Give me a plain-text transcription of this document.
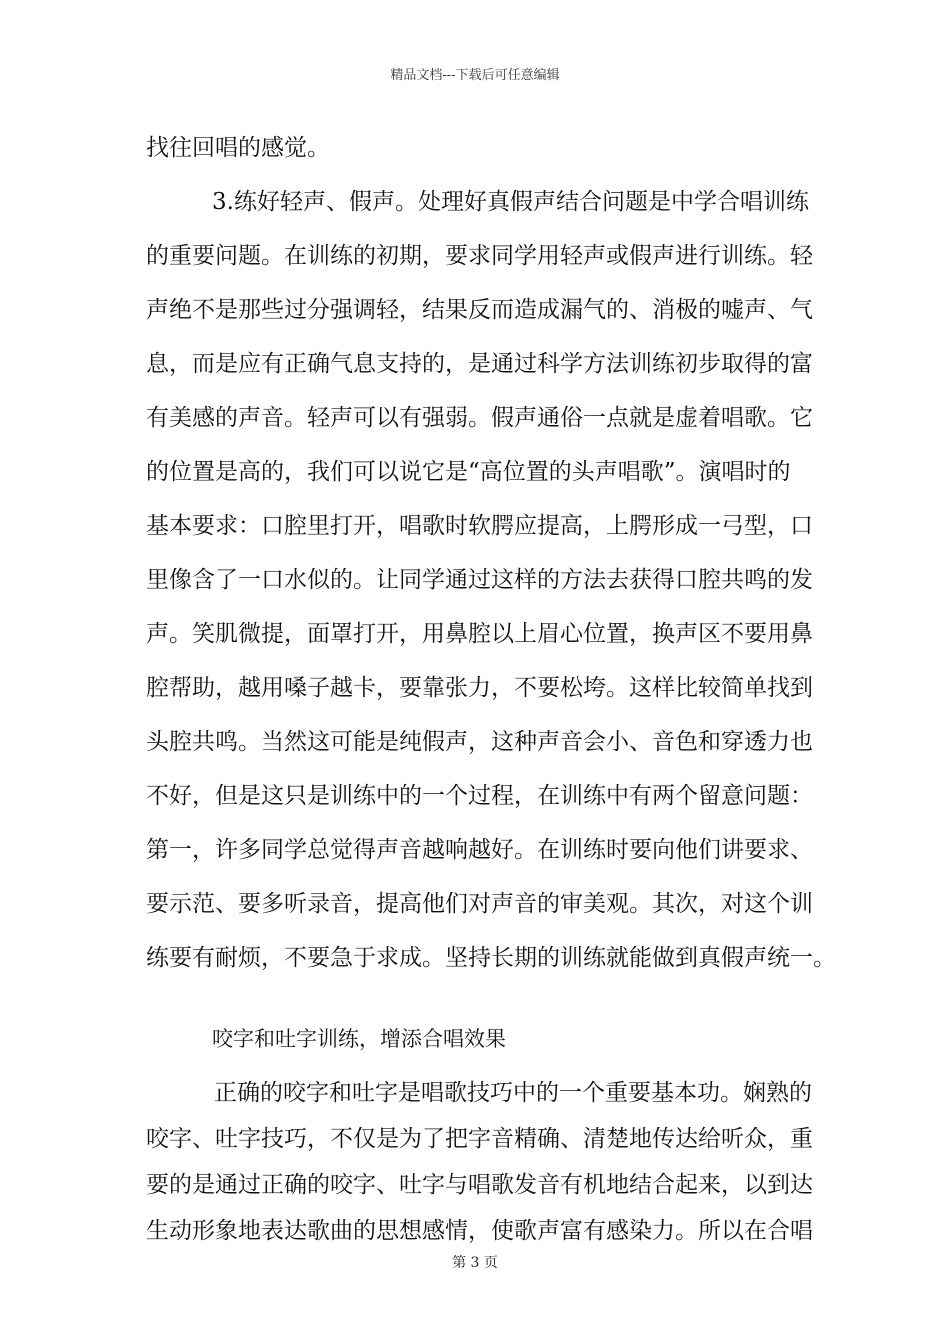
精品文档---下载后可任意编辑
找往回唱的感觉。
3.练好轻声、假声。处理好真假声结合问题是中学合唱训练
的重要问题。在训练的初期，要求同学用轻声或假声进行训练。轻
声绝不是那些过分强调轻，结果反而造成漏气的、消极的嘘声、气
息，而是应有正确气息支持的，是通过科学方法训练初步取得的富
有美感的声音。轻声可以有强弱。假声通俗一点就是虚着唱歌。它
的位置是高的，我们可以说它是“高位置的头声唱歌”。演唱时的
基本要求：口腔里打开，唱歌时软腭应提高，上腭形成一弓型，口
里像含了一口水似的。让同学通过这样的方法去获得口腔共鸣的发
声。笑肌微提，面罩打开，用鼻腔以上眉心位置，换声区不要用鼻
腔帮助，越用嗓子越卡，要靠张力，不要松垮。这样比较简单找到
头腔共鸣。当然这可能是纯假声，这种声音会小、音色和穿透力也
不好，但是这只是训练中的一个过程，在训练中有两个留意问题：
第一，许多同学总觉得声音越响越好。在训练时要向他们讲要求、
要示范、要多听录音，提高他们对声音的审美观。其次，对这个训
练要有耐烦，不要急于求成。坚持长期的训练就能做到真假声统一。
咬字和吐字训练，增添合唱效果
正确的咬字和吐字是唱歌技巧中的一个重要基本功。娴熟的
咬字、吐字技巧，不仅是为了把字音精确、清楚地传达给听众，重
要的是通过正确的咬字、吐字与唱歌发音有机地结合起来，以到达
生动形象地表达歌曲的思想感情，使歌声富有感染力。所以在合唱
第 3 页
